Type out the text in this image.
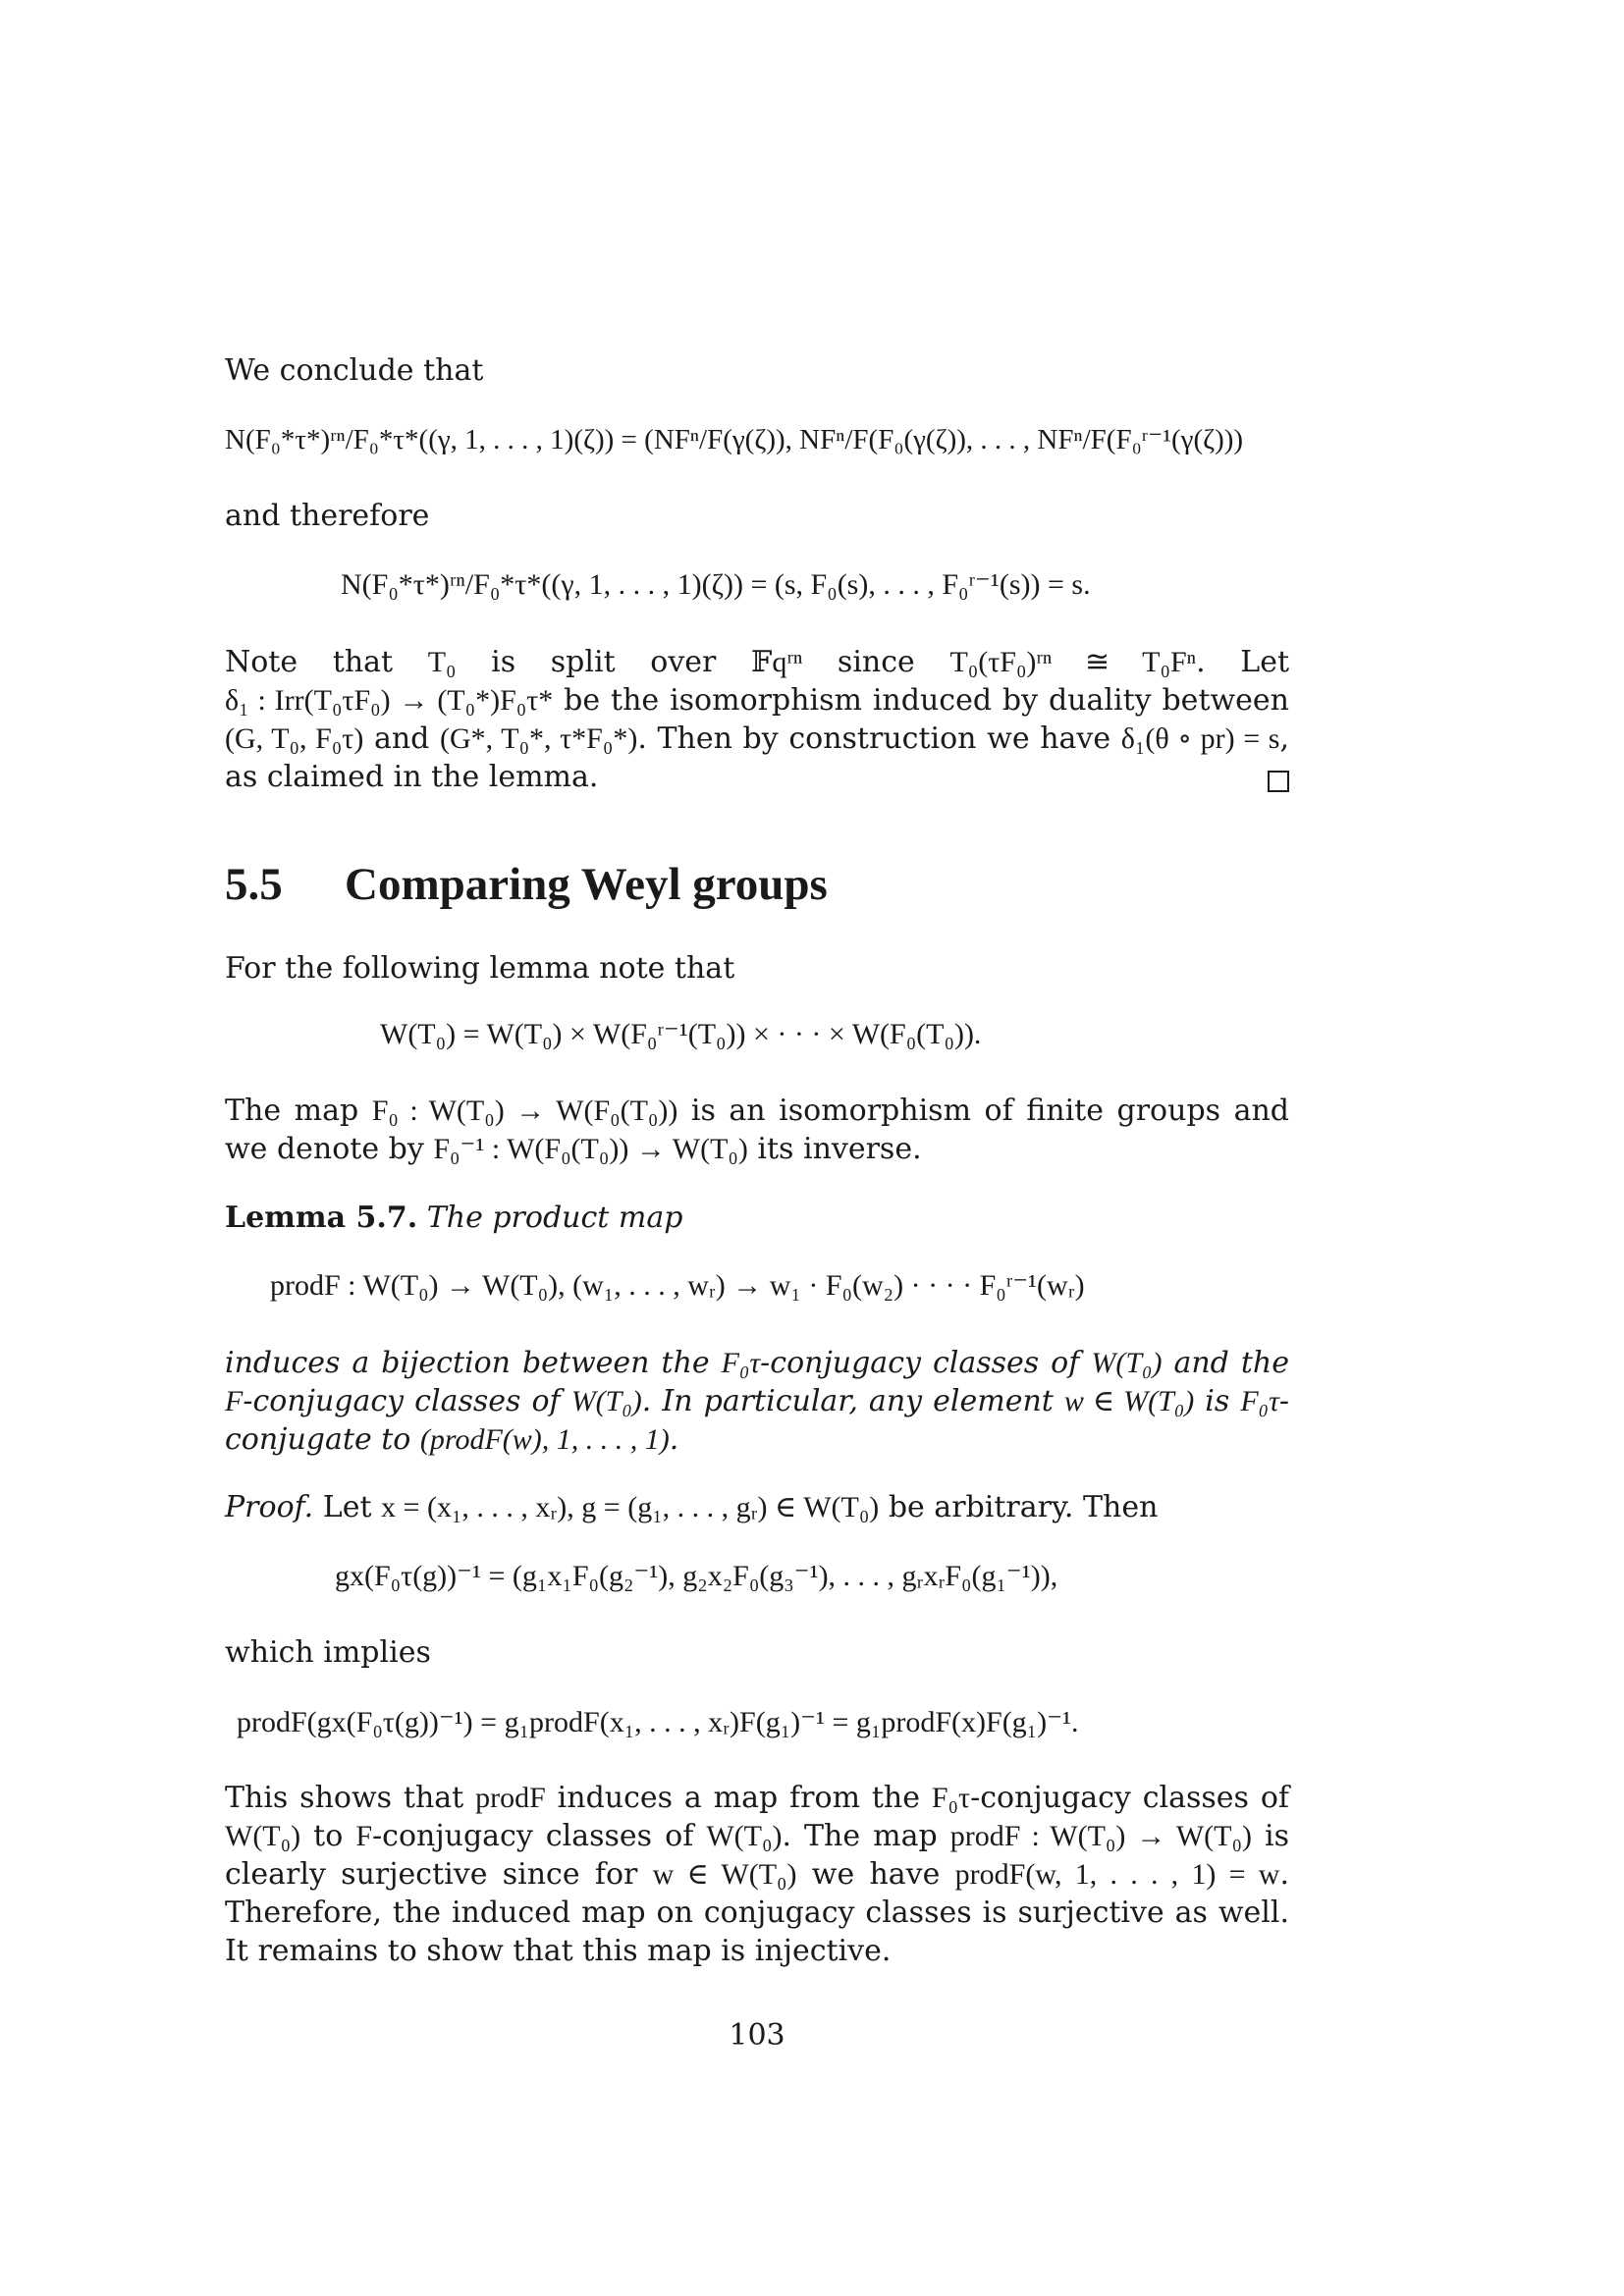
We conclude that

N(F₀*τ*)ʳⁿ/F₀*τ*((γ, 1, . . . , 1)(ζ)) = (NFⁿ/F(γ(ζ)), NFⁿ/F(F₀(γ(ζ)), . . . , NFⁿ/F(F₀ʳ⁻¹(γ(ζ)))

and therefore

N(F₀*τ*)ʳⁿ/F₀*τ*((γ, 1, . . . , 1)(ζ)) = (s, F₀(s), . . . , F₀ʳ⁻¹(s)) = s.

Note that T₀ is split over 𝔽qʳⁿ since T₀(τF₀)ʳⁿ ≅ T₀Fⁿ. Let δ₁ : Irr(T₀τF₀) → (T₀*)F₀τ* be the isomorphism induced by duality between (G, T₀, F₀τ) and (G*, T₀*, τ*F₀*). Then by construction we have δ₁(θ ∘ pr) = s, as claimed in the lemma.

5.5 Comparing Weyl groups

For the following lemma note that

W(T₀) = W(T₀) × W(F₀ʳ⁻¹(T₀)) × · · · × W(F₀(T₀)).

The map F₀ : W(T₀) → W(F₀(T₀)) is an isomorphism of finite groups and we denote by F₀⁻¹ : W(F₀(T₀)) → W(T₀) its inverse.

Lemma 5.7. The product map

prodF : W(T₀) → W(T₀), (w₁, . . . , wᵣ) → w₁ · F₀(w₂) · · · · F₀ʳ⁻¹(wᵣ)

induces a bijection between the F₀τ-conjugacy classes of W(T₀) and the F-conjugacy classes of W(T₀). In particular, any element w ∈ W(T₀) is F₀τ-conjugate to (prodF(w), 1, . . . , 1).

Proof. Let x = (x₁, . . . , xᵣ), g = (g₁, . . . , gᵣ) ∈ W(T₀) be arbitrary. Then

gx(F₀τ(g))⁻¹ = (g₁x₁F₀(g₂⁻¹), g₂x₂F₀(g₃⁻¹), . . . , gᵣxᵣF₀(g₁⁻¹)),

which implies

prodF(gx(F₀τ(g))⁻¹) = g₁prodF(x₁, . . . , xᵣ)F(g₁)⁻¹ = g₁prodF(x)F(g₁)⁻¹.

This shows that prodF induces a map from the F₀τ-conjugacy classes of W(T₀) to F-conjugacy classes of W(T₀). The map prodF : W(T₀) → W(T₀) is clearly surjective since for w ∈ W(T₀) we have prodF(w, 1, . . . , 1) = w. Therefore, the induced map on conjugacy classes is surjective as well. It remains to show that this map is injective.

103
